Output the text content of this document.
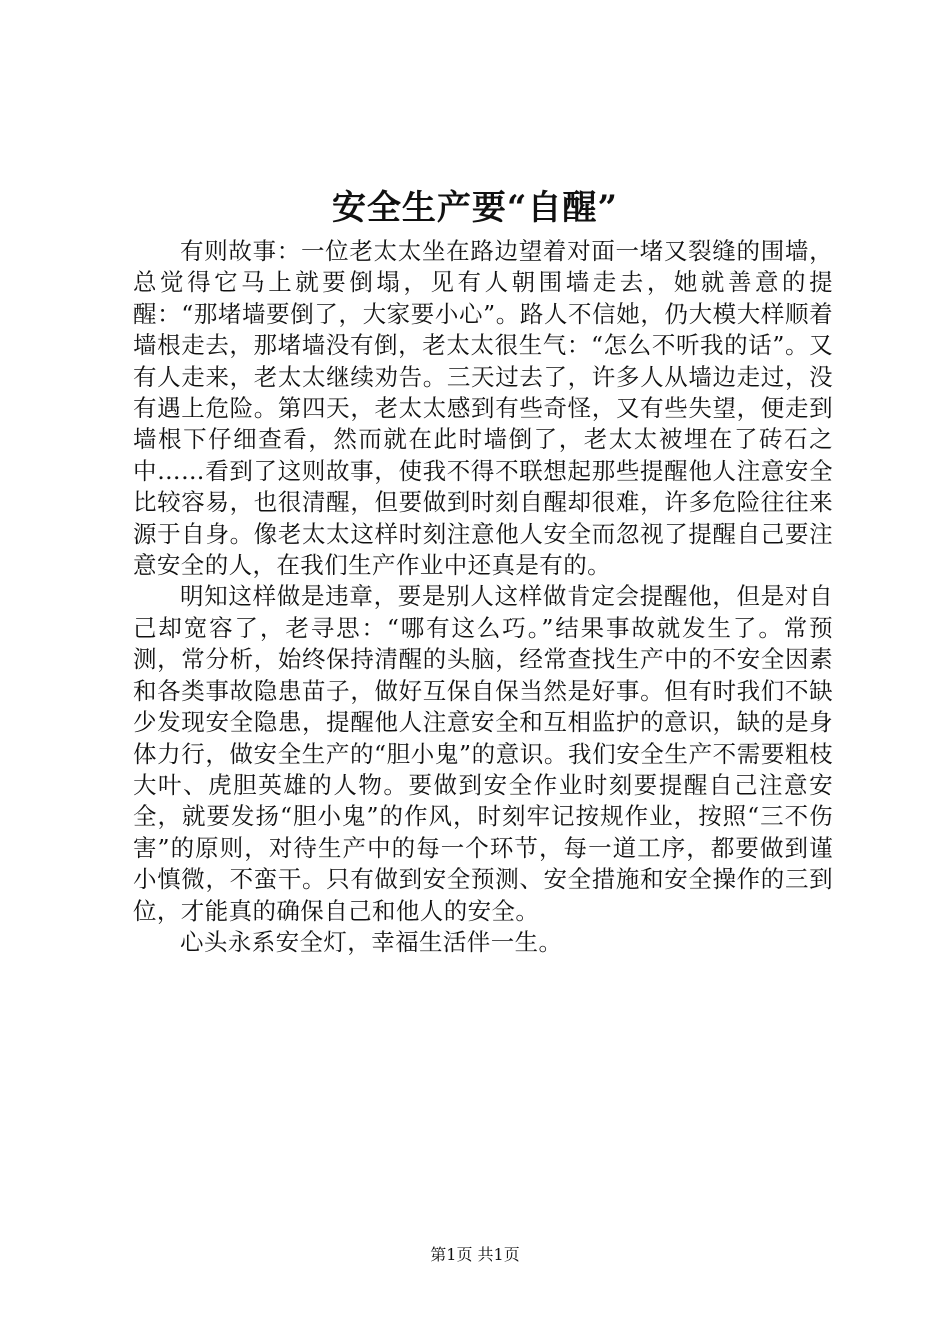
安全生产要“自醒”

有则故事：一位老太太坐在路边望着对面一堵又裂缝的围墙，总觉得它马上就要倒塌，见有人朝围墙走去，她就善意的提醒：“那堵墙要倒了，大家要小心”。路人不信她，仍大模大样顺着墙根走去，那堵墙没有倒，老太太很生气：“怎么不听我的话”。又有人走来，老太太继续劝告。三天过去了，许多人从墙边走过，没有遇上危险。第四天，老太太感到有些奇怪，又有些失望，便走到墙根下仔细查看，然而就在此时墙倒了，老太太被埋在了砖石之中……看到了这则故事，使我不得不联想起那些提醒他人注意安全比较容易，也很清醒，但要做到时刻自醒却很难，许多危险往往来源于自身。像老太太这样时刻注意他人安全而忽视了提醒自己要注意安全的人，在我们生产作业中还真是有的。

明知这样做是违章，要是别人这样做肯定会提醒他，但是对自己却宽容了，老寻思：“哪有这么巧。”结果事故就发生了。常预测，常分析，始终保持清醒的头脑，经常查找生产中的不安全因素和各类事故隐患苗子，做好互保自保当然是好事。但有时我们不缺少发现安全隐患，提醒他人注意安全和互相监护的意识，缺的是身体力行，做安全生产的“胆小鬼”的意识。我们安全生产不需要粗枝大叶、虎胆英雄的人物。要做到安全作业时刻要提醒自己注意安全，就要发扬“胆小鬼”的作风，时刻牢记按规作业，按照“三不伤害”的原则，对待生产中的每一个环节，每一道工序，都要做到谨小慎微，不蛮干。只有做到安全预测、安全措施和安全操作的三到位，才能真的确保自己和他人的安全。

心头永系安全灯，幸福生活伴一生。

第1页 共1页
